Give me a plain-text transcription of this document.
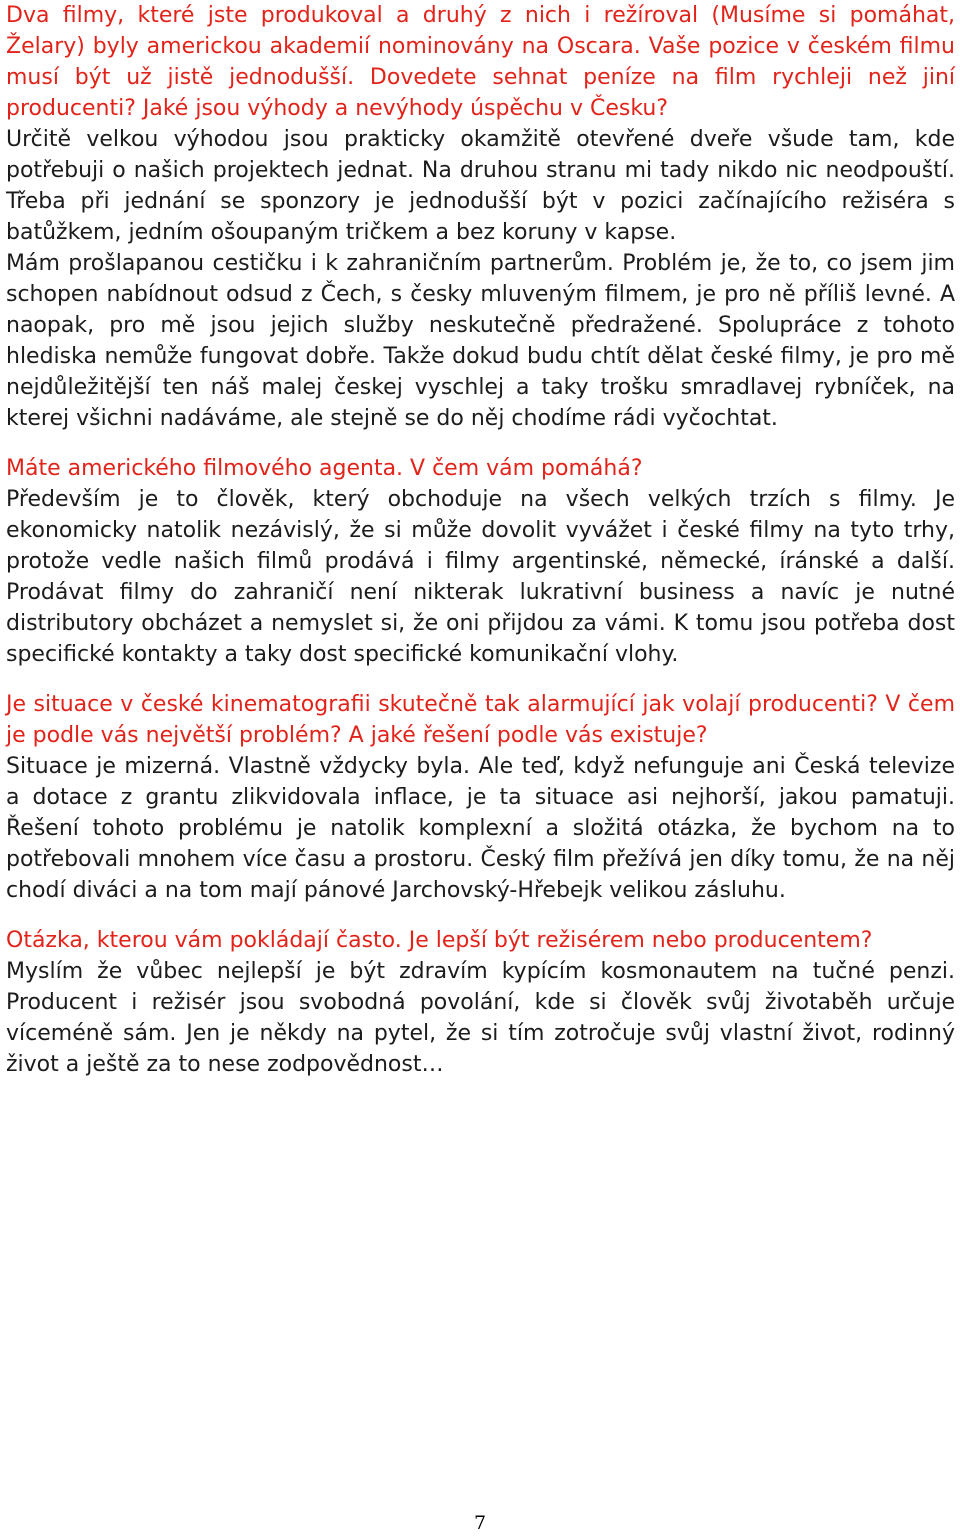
Dva filmy, které jste produkoval a druhý z nich i režíroval (Musíme si pomáhat, Želary) byly americkou akademií nominovány na Oscara. Vaše pozice v českém filmu musí být už jistě jednodušší. Dovedete sehnat peníze na film rychleji než jiní producenti? Jaké jsou výhody a nevýhody úspěchu v Česku?

Určitě velkou výhodou jsou prakticky okamžitě otevřené dveře všude tam, kde potřebuji o našich projektech jednat. Na druhou stranu mi tady nikdo nic neodpouští. Třeba při jednání se sponzory je jednodušší být v pozici začínajícího režiséra s batůžkem, jedním ošoupaným tričkem a bez koruny v kapse.

Mám prošlapanou cestičku i k zahraničním partnerům. Problém je, že to, co jsem jim schopen nabídnout odsud z Čech, s česky mluveným filmem, je pro ně příliš levné. A naopak, pro mě jsou jejich služby neskutečně předražené. Spolupráce z tohoto hlediska nemůže fungovat dobře. Takže dokud budu chtít dělat české filmy, je pro mě nejdůležitější ten náš malej českej vyschlej a taky trošku smradlavej rybníček, na kterej všichni nadáváme, ale stejně se do něj chodíme rádi vyčochtat.

Máte amerického filmového agenta. V čem vám pomáhá?

Především je to člověk, který obchoduje na všech velkých trzích s filmy. Je ekonomicky natolik nezávislý, že si může dovolit vyvážet i české filmy na tyto trhy, protože vedle našich filmů prodává i filmy argentinské, německé, íránské a další. Prodávat filmy do zahraničí není nikterak lukrativní business a navíc je nutné distributory obcházet a nemyslet si, že oni přijdou za vámi. K tomu jsou potřeba dost specifické kontakty a taky dost specifické komunikační vlohy.

Je situace v české kinematografii skutečně tak alarmující jak volají producenti? V čem je podle vás největší problém? A jaké řešení podle vás existuje?

Situace je mizerná. Vlastně vždycky byla. Ale teď, když nefunguje ani Česká televize a dotace z grantu zlikvidovala inflace, je ta situace asi nejhorší, jakou pamatuji. Řešení tohoto problému je natolik komplexní a složitá otázka, že bychom na to potřebovali mnohem více času a prostoru. Český film přežívá jen díky tomu, že na něj chodí diváci a na tom mají pánové Jarchovský-Hřebejk velikou zásluhu.

Otázka, kterou vám pokládají často. Je lepší být režisérem nebo producentem?

Myslím že vůbec nejlepší je být zdravím kypícím kosmonautem na tučné penzi. Producent i režisér jsou svobodná povolání, kde si člověk svůj životaběh určuje víceméně sám. Jen je někdy na pytel, že si tím zotročuje svůj vlastní život, rodinný život a ještě za to nese zodpovědnost…

7
